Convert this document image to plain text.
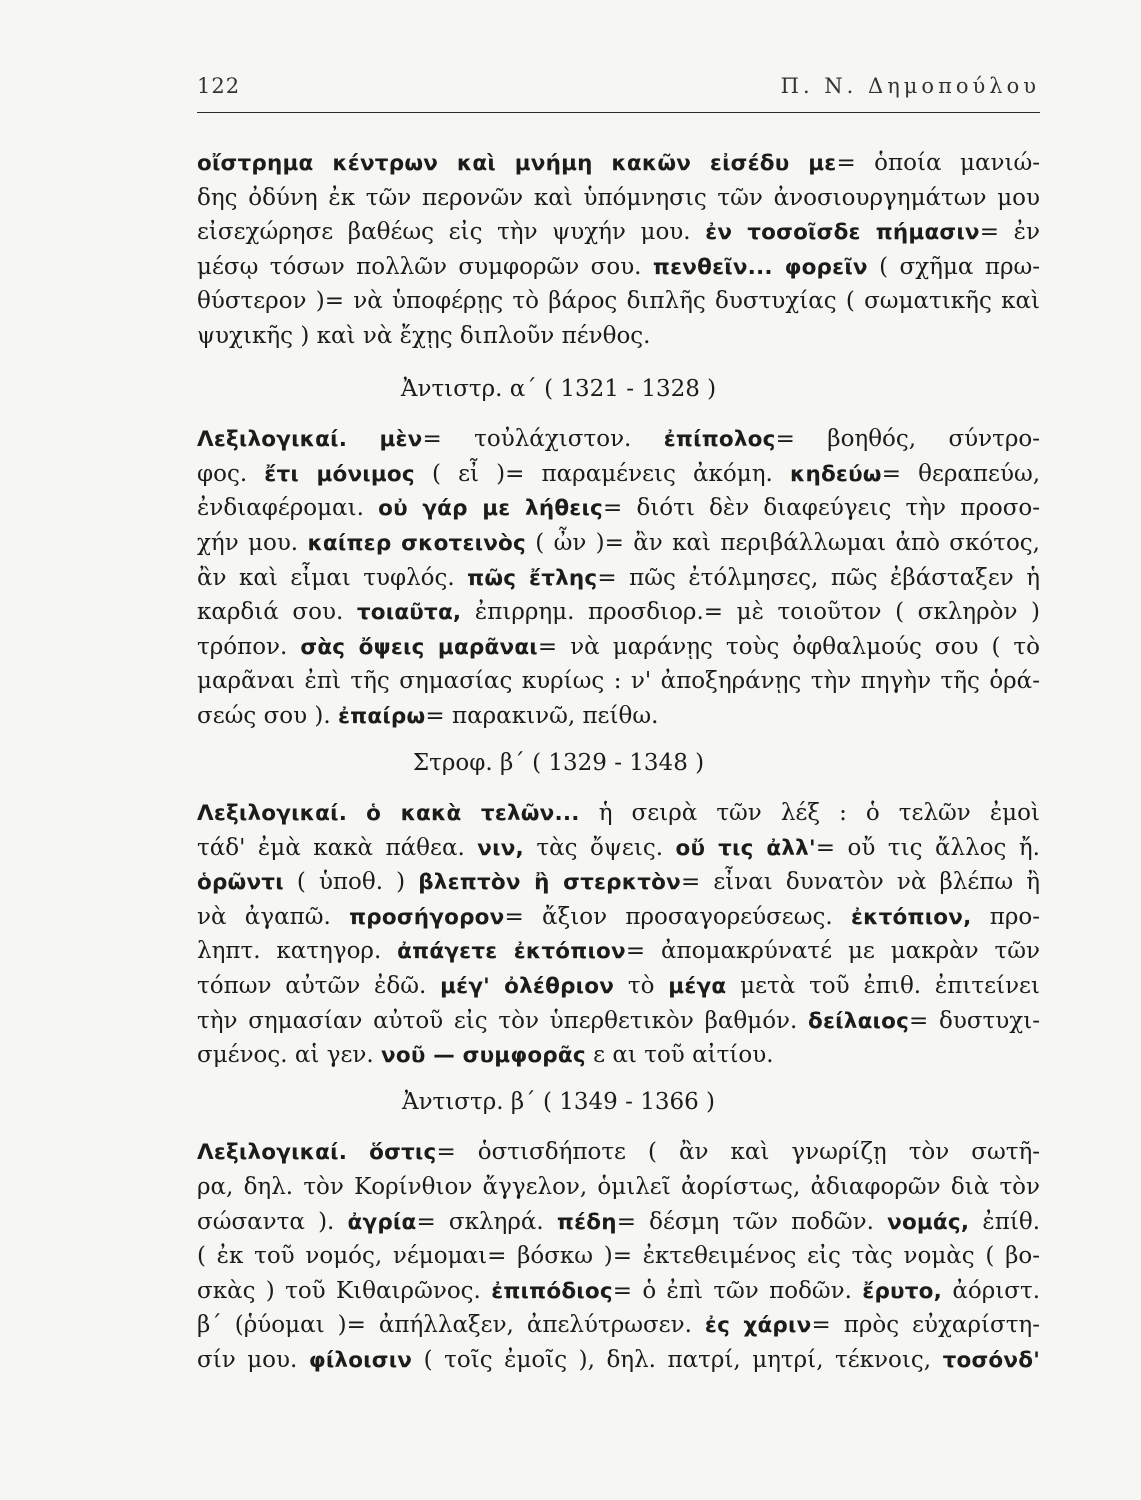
122	Π. Ν. Δημοπούλου
οἴστρημα κέντρων καὶ μνήμη κακῶν εἰσέδυ με= ὁποία μανιώ-
δης ὀδύνη ἐκ τῶν περονῶν καὶ ὑπόμνησις τῶν ἀνοσιουργημάτων μου
εἰσεχώρησε βαθέως εἰς τὴν ψυχήν μου. ἐν τοσοῖσδε πήμασιν= ἐν
μέσῳ τόσων πολλῶν συμφορῶν σου. πενθεῖν... φορεῖν ( σχῆμα πρω-
θύστερον )= νὰ ὑποφέρῃς τὸ βάρος διπλῆς δυστυχίας ( σωματικῆς καὶ
ψυχικῆς ) καὶ νὰ ἔχῃς διπλοῦν πένθος.
Ἀντιστρ. α΄ ( 1321 - 1328 )
Λεξιλογικαί. μὲν= τοὐλάχιστον. ἐπίπολος= βοηθός, σύντρο-
φος. ἔτι μόνιμος ( εἶ )= παραμένεις ἀκόμη. κηδεύω= θεραπεύω,
ἐνδιαφέρομαι. οὐ γάρ με λήθεις= διότι δὲν διαφεύγεις τὴν προσο-
χήν μου. καίπερ σκοτεινὸς ( ὦν )= ἂν καὶ περιβάλλωμαι ἀπὸ σκότος,
ἂν καὶ εἶμαι τυφλός. πῶς ἔτλης= πῶς ἐτόλμησες, πῶς ἐβάσταξεν ἡ
καρδιά σου. τοιαῦτα, ἐπιρρημ. προσδιορ.= μὲ τοιοῦτον ( σκληρὸν )
τρόπον. σὰς ὄψεις μαρᾶναι= νὰ μαράνῃς τοὺς ὀφθαλμούς σου ( τὸ
μαρᾶναι ἐπὶ τῆς σημασίας κυρίως : ν' ἀποξηράνῃς τὴν πηγὴν τῆς ὁρά-
σεώς σου ). ἐπαίρω= παρακινῶ, πείθω.
Στροφ. β΄ ( 1329 - 1348 )
Λεξιλογικαί. ὁ κακὰ τελῶν... ἡ σειρὰ τῶν λέξ : ὁ τελῶν ἐμοὶ
τάδ' ἐμὰ κακὰ πάθεα. νιν, τὰς ὄψεις. οὔ τις ἀλλ'= οὔ τις ἄλλος ἤ.
ὁρῶντι ( ὑποθ. ) βλεπτὸν ἢ στερκτὸν= εἶναι δυνατὸν νὰ βλέπω ἢ
νὰ ἀγαπῶ. προσήγορον= ἄξιον προσαγορεύσεως. ἐκτόπιον, προ-
ληπτ. κατηγορ. ἀπάγετε ἐκτόπιον= ἀπομακρύνατέ με μακρὰν τῶν
τόπων αὐτῶν ἐδῶ. μέγ' ὀλέθριον τὸ μέγα μετὰ τοῦ ἐπιθ. ἐπιτείνει
τὴν σημασίαν αὐτοῦ εἰς τὸν ὑπερθετικὸν βαθμόν. δείλαιος= δυστυχι-
σμένος. αἱ γεν. νοῦ — συμφορᾶς ε αι τοῦ αἰτίου.
Ἀντιστρ. β΄ ( 1349 - 1366 )
Λεξιλογικαί. ὅστις= ὁστισδήποτε ( ἂν καὶ γνωρίζῃ τὸν σωτῆ-
ρα, δηλ. τὸν Κορίνθιον ἄγγελον, ὁμιλεῖ ἀορίστως, ἀδιαφορῶν διὰ τὸν
σώσαντα ). ἀγρία= σκληρά. πέδη= δέσμη τῶν ποδῶν. νομάς, ἐπίθ.
( ἐκ τοῦ νομός, νέμομαι= βόσκω )= ἐκτεθειμένος εἰς τὰς νομὰς ( βο-
σκὰς ) τοῦ Κιθαιρῶνος. ἐπιπόδιος= ὁ ἐπὶ τῶν ποδῶν. ἔρυτο, ἀόριστ.
β΄ (ῥύομαι )= ἀπήλλαξεν, ἀπελύτρωσεν. ἐς χάριν= πρὸς εὐχαρίστη-
σίν μου. φίλοισιν ( τοῖς ἐμοῖς ), δηλ. πατρί, μητρί, τέκνοις, τοσόνδ'
